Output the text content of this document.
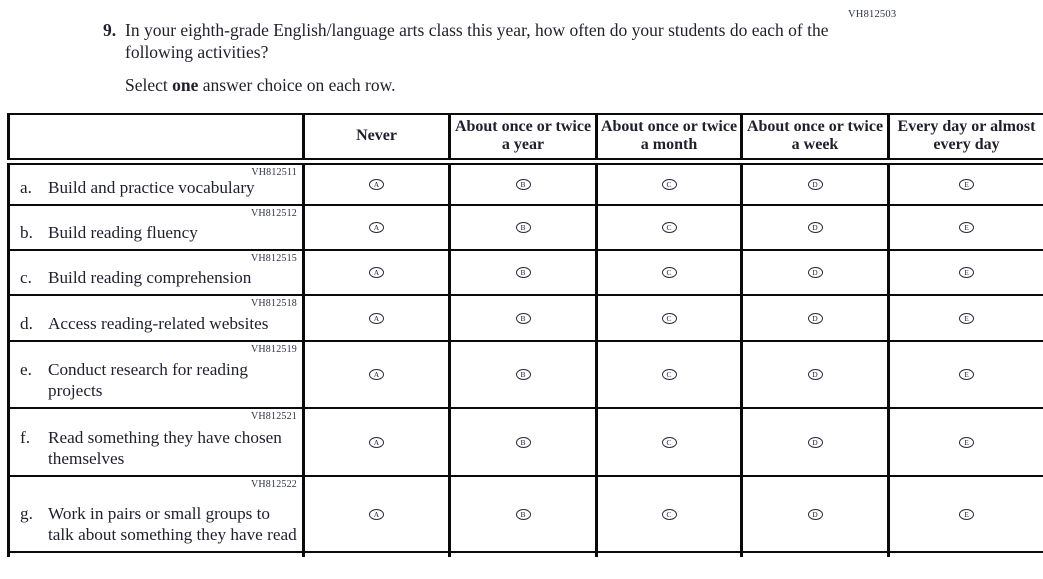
VH812503
9. In your eighth-grade English/language arts class this year, how often do your students do each of the following activities?
Select one answer choice on each row.
	Never	About once or twice a year	About once or twice a month	About once or twice a week	Every day or almost every day

VH812511
a. Build and practice vocabulary	A	B	C	D	E

VH812512
b. Build reading fluency	A	B	C	D	E

VH812515
c. Build reading comprehension	A	B	C	D	E

VH812518
d. Access reading-related websites	A	B	C	D	E

VH812519
e. Conduct research for reading projects	A	B	C	D	E

VH812521
f. Read something they have chosen themselves	A	B	C	D	E

VH812522
g. Work in pairs or small groups to talk about something they have read	A	B	C	D	E
